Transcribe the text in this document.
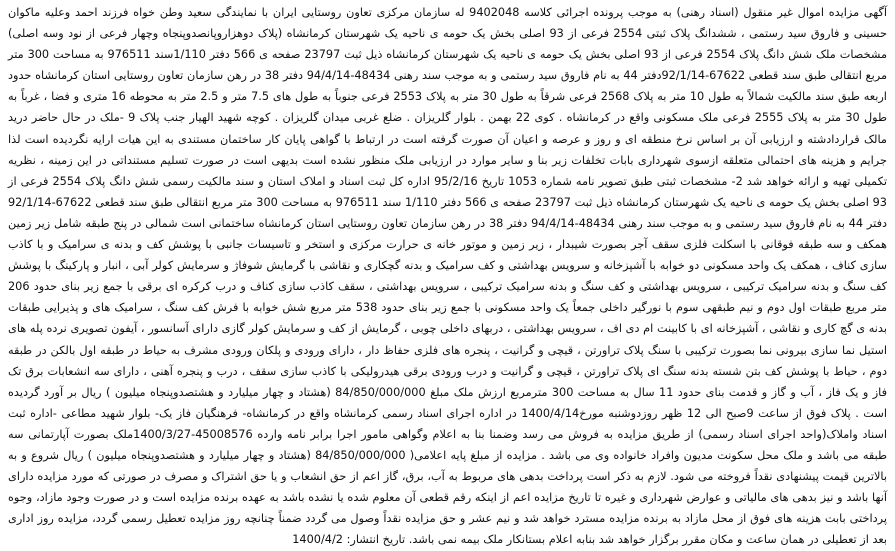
آگهی مزایده اموال غیر منقول (اسناد رهنی) به موجب پرونده اجرائی کلاسه 9402048 له سازمان مرکزی تعاون روستایی ایران با نمایندگی سعید وطن خواه فرزند احمد وعلیه ماکوان حسینی و فاروق سید رستمی ، ششدانگ پلاک ثبتی 2554 فرعی از 93 اصلی بخش یک حومه ی ناحیه یک شهرستان کرمانشاه (پلاک دوهزاروپانصدوپنجاه وچهار فرعی از نود وسه اصلی) مشخصات ملک شش دانگ پلاک 2554 فرعی از 93 اصلی بخش یک حومه ی ناحیه یک شهرستان کرمانشاه ذیل ثبت 23797 صفحه ی 566 دفتر 1/110سند 976511 به مساحت 300 متر مربع انتقالی طبق سند قطعی 67622-92/1/14دفتر 44 به نام فاروق سید رستمی و به موجب سند رهنی 48434-94/4/14 دفتر 38 در رهن سازمان تعاون روستایی استان کرمانشاه حدود اربعه طبق سند مالکیت شمالاً به طول 10 متر به پلاک 2568 فرعی شرقاً به طول 30 متر به پلاک 2553 فرعی جنوباً به طول های 7.5 متر و 2.5 متر به محوطه 16 متری و فضا ، غرباً به طول 30 متر به پلاک 2555 فرعی ملک مسکونی واقع در کرمانشاه . کوی 22 بهمن . بلوار گلریزان . ضلع غربی میدان گلریزان . کوچه شهید الهیار جنب پلاک 9 -ملک در حال حاضر درید مالک قراردادشته و ارزیابی آن بر اساس نرخ منطقه ای و روز و عرصه و اعیان آن صورت گرفته است در ارتباط با گواهی پایان کار ساختمان مستندی به این هیات ارایه نگردیده است لذا جرایم و هزینه های احتمالی متعلقه ازسوی شهرداری بابات تخلفات زیر بنا و سایر موارد در ارزیابی ملک منظور نشده است بدیهی است در صورت تسلیم مستنداتی در این زمینه ، نظریه تکمیلی تهیه و ارائه خواهد شد 2- مشخصات ثبتی طبق تصویر نامه شماره 1053 تاریخ 95/2/16 اداره کل ثبت اسناد و املاک استان و سند مالکیت رسمی شش دانگ پلاک 2554 فرعی از 93 اصلی بخش یک حومه ی ناحیه یک شهرستان کرمانشاه ذیل ثبت 23797 صفحه ی 566 دفتر 1/110 سند 976511 به مساحت 300 متر مربع انتقالی طبق سند قطعی 67622-92/1/14 دفتر 44 به نام فاروق سید رستمی و به موجب سند رهنی 48434-94/4/14 دفتر 38 در رهن سازمان تعاون روستایی استان کرمانشاه ساختمانی است شمالی در پنج طبقه شامل زیر زمین همکف و سه طبقه فوقانی با اسکلت فلزی سقف آجر بصورت شیبدار ، زیر زمین و موتور خانه ی حرارت مرکزی و استخر و تاسیسات جانبی با پوشش کف و بدنه ی سرامیک و با کاذب سازی کناف ، همکف یک واحد مسکونی دو خوابه با آشپزخانه و سرویس بهداشتی و کف سرامیک و بدنه گچکاری و نقاشی با گرمایش شوفاژ و سرمایش کولر آبی ، انبار و پارکینگ با پوشش کف سنگ و بدنه سرامیک ترکیبی ، سرویس بهداشتی و کف سنگ و بدنه سرامیک ترکیبی ، سرویس بهداشتی ، سقف کاذب سازی کناف و درب کرکره ای برقی با جمع زیر بنای حدود 206 متر مربع طبقات اول دوم و نیم طبقهی سوم با نورگیر داخلی جمعاً یک واحد مسکونی با جمع زیر بنای حدود 538 متر مربع شش خوابه با فرش کف سنگ ، سرامیک های و پذیرایی طبقات بدنه ی گچ کاری و نقاشی ، آشپزخانه ای با کابینت ام دی اف ، سرویس بهداشتی ، دربهای داخلی چوبی ، گرمایش از کف و سرمایش کولر گازی دارای آسانسور ، آیفون تصویری نرده پله های استیل نما سازی بیرونی نما بصورت ترکیبی با سنگ پلاک تراورتن ، قیچی و گرانیت ، پنجره های فلزی حفاظ دار ، دارای ورودی و پلکان ورودی مشرف به حیاط در طبقه اول بالکن در طبقه دوم ، حیاط با پوشش کف بتن شسته بدنه سنگ ای پلاک تراورتن ، قیچی و گرانیت و درب ورودی برقی هیدرولیکی با کاذب سازی سقف ، درب و پنجره آهنی ، دارای سه انشعابات برق تک فاز و یک فاز ، آب و گاز و قدمت بنای حدود 11 سال به مساحت 300 مترمربع ارزش ملک مبلغ 84/850/000/000 (هشتاد و چهار میلیارد و هشتصدوپنجاه میلیون ) ریال بر آورد گردیده است . پلاک فوق از ساعت 9صبح الی 12 ظهر روزدوشنبه مورخ1400/4/14 در اداره اجرای اسناد رسمی کرمانشاه واقع در کرمانشاه- فرهنگیان فاز یک- بلوار شهید مطاعی -اداره ثبت اسناد واملاک(واحد اجرای اسناد رسمی) از طریق مزایده به فروش می رسد وضمنا بنا به اعلام وگواهی مامور اجرا برابر نامه وارده 45008576-1400/3/27ملک بصورت آپارتمانی سه طبقه می باشد و ملک محل سکونت مدیون وافراد خانواده وی می باشد . مزایده از مبلغ پایه اعلامی( 84/850/000/000 (هشتاد و چهار میلیارد و هشتصدوپنجاه میلیون ) ریال شروع و به بالاترین قیمت پیشنهادی نقداً فروخته می شود. لازم به ذکر است پرداخت بدهی های مربوط به آب، برق، گاز اعم از حق انشعاب و یا حق اشتراک و مصرف در صورتی که مورد مزایده دارای آنها باشد و نیز بدهی های مالیاتی و عوارض شهرداری و غیره تا تاریخ مزایده اعم از اینکه رقم قطعی آن معلوم شده یا نشده باشد به عهده برنده مزایده است و در صورت وجود مازاد، وجوه پرداختی بابت هزینه های فوق از محل مازاد به برنده مزایده مسترد خواهد شد و نیم عشر و حق مزایده نقداً وصول می گردد ضمناً چنانچه روز مزایده تعطیل رسمی گردد، مزایده روز اداری بعد از تعطیلی در همان ساعت و مکان مقرر برگزار خواهد شد بنابه اعلام بستانکار ملک بیمه نمی باشد. تاریخ انتشار: 1400/4/2
